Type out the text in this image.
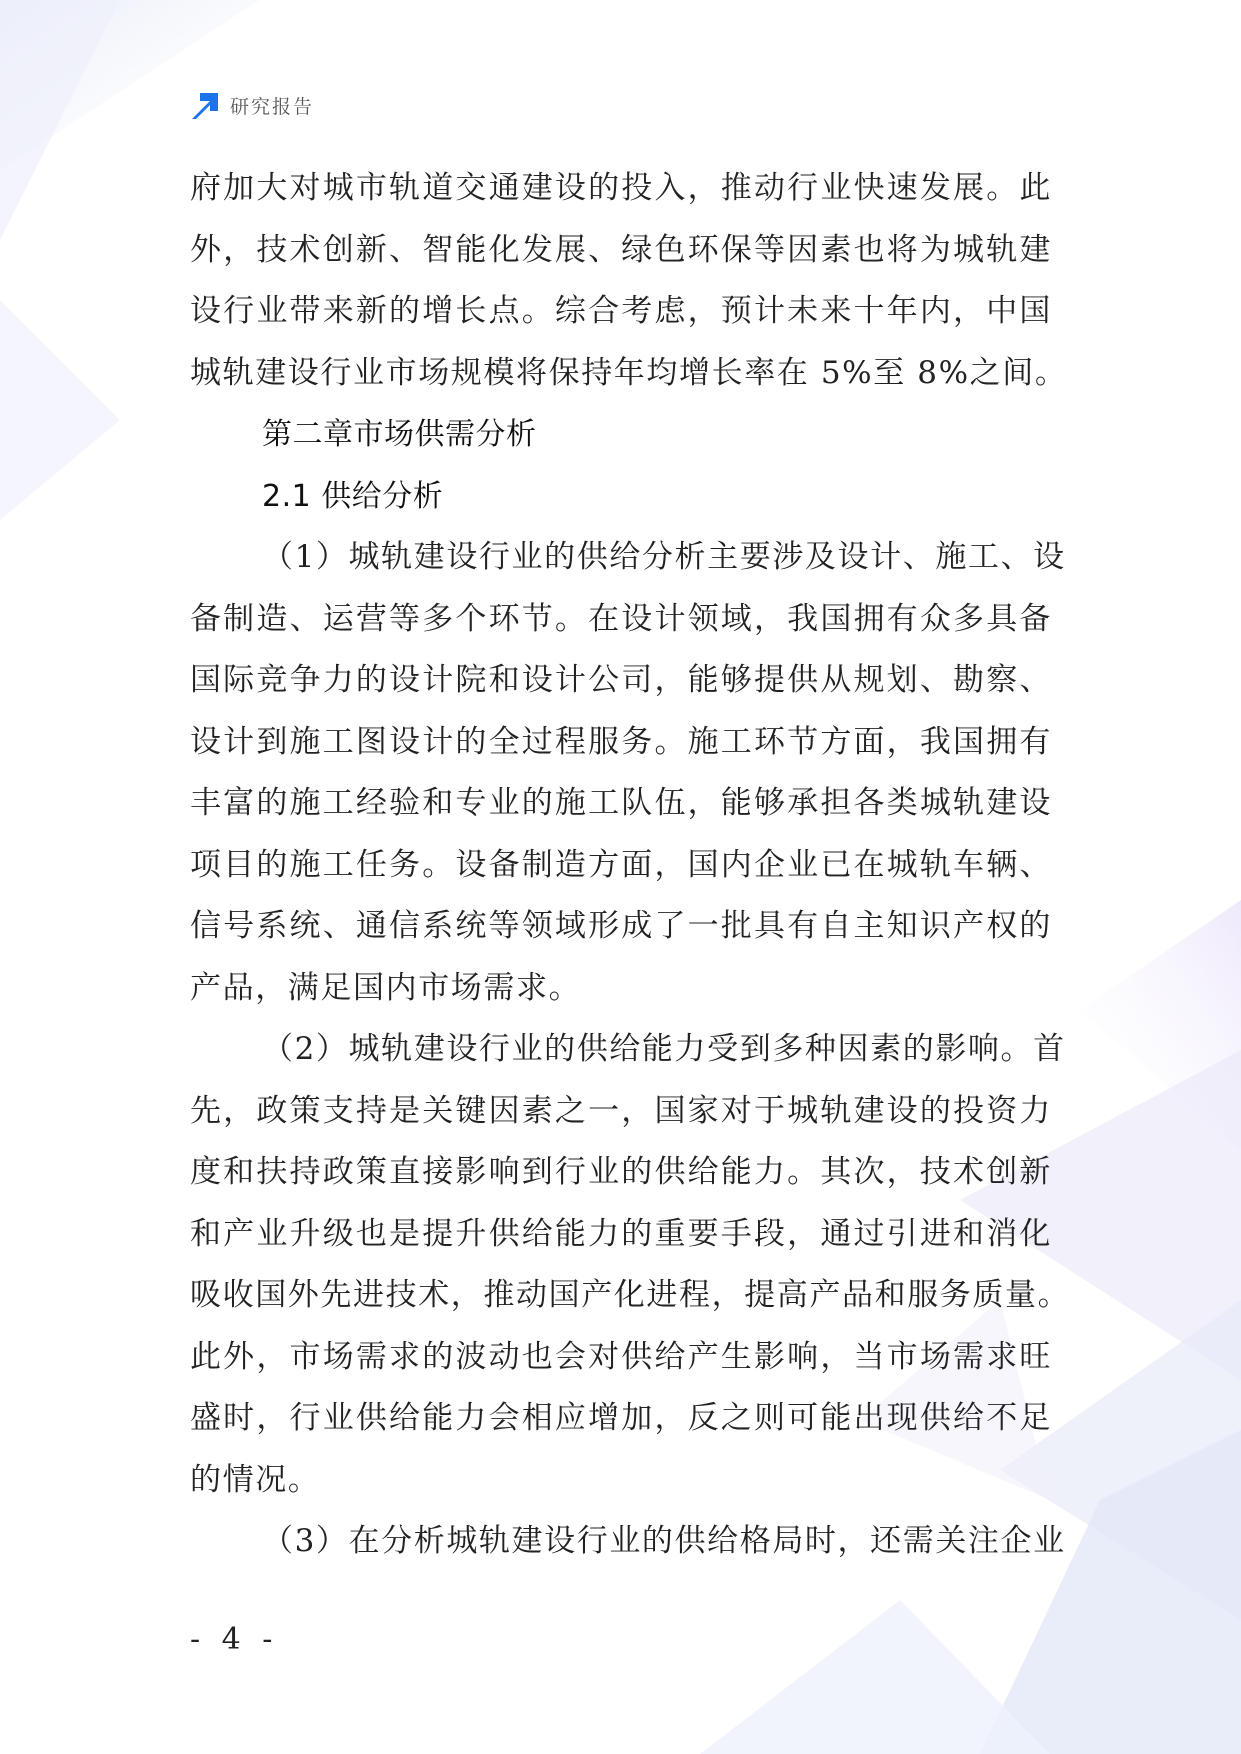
研究报告
府加大对城市轨道交通建设的投入，推动行业快速发展。此
外，技术创新、智能化发展、绿色环保等因素也将为城轨建
设行业带来新的增长点。综合考虑，预计未来十年内，中国
城轨建设行业市场规模将保持年均增长率在 5%至 8%之间。
第二章市场供需分析
2.1 供给分析
（1）城轨建设行业的供给分析主要涉及设计、施工、设
备制造、运营等多个环节。在设计领域，我国拥有众多具备
国际竞争力的设计院和设计公司，能够提供从规划、勘察、
设计到施工图设计的全过程服务。施工环节方面，我国拥有
丰富的施工经验和专业的施工队伍，能够承担各类城轨建设
项目的施工任务。设备制造方面，国内企业已在城轨车辆、
信号系统、通信系统等领域形成了一批具有自主知识产权的
产品，满足国内市场需求。
（2）城轨建设行业的供给能力受到多种因素的影响。首
先，政策支持是关键因素之一，国家对于城轨建设的投资力
度和扶持政策直接影响到行业的供给能力。其次，技术创新
和产业升级也是提升供给能力的重要手段，通过引进和消化
吸收国外先进技术，推动国产化进程，提高产品和服务质量。
此外，市场需求的波动也会对供给产生影响，当市场需求旺
盛时，行业供给能力会相应增加，反之则可能出现供给不足
的情况。
（3）在分析城轨建设行业的供给格局时，还需关注企业
- 4 -
